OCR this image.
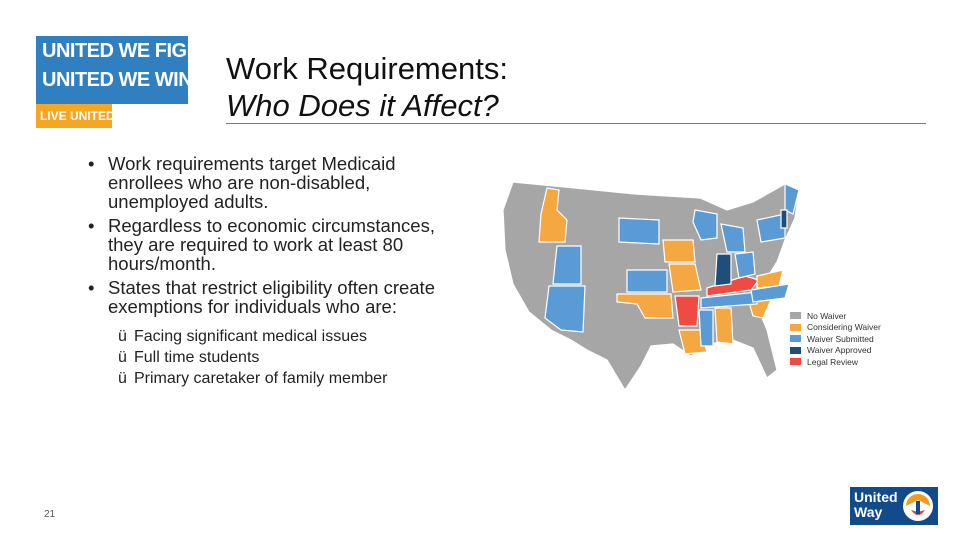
UNITED WE FIGHT.
UNITED WE WIN.
LIVE UNITED
Work Requirements:
Who Does it Affect?
• Work requirements target Medicaid enrollees who are non-disabled, unemployed adults.
• Regardless to economic circumstances, they are required to work at least 80 hours/month.
• States that restrict eligibility often create exemptions for individuals who are:
ü Facing significant medical issues
ü Full time students
ü Primary caretaker of family member
No Waiver
Considering Waiver
Waiver Submitted
Waiver Approved
Legal Review
21
United
Way
